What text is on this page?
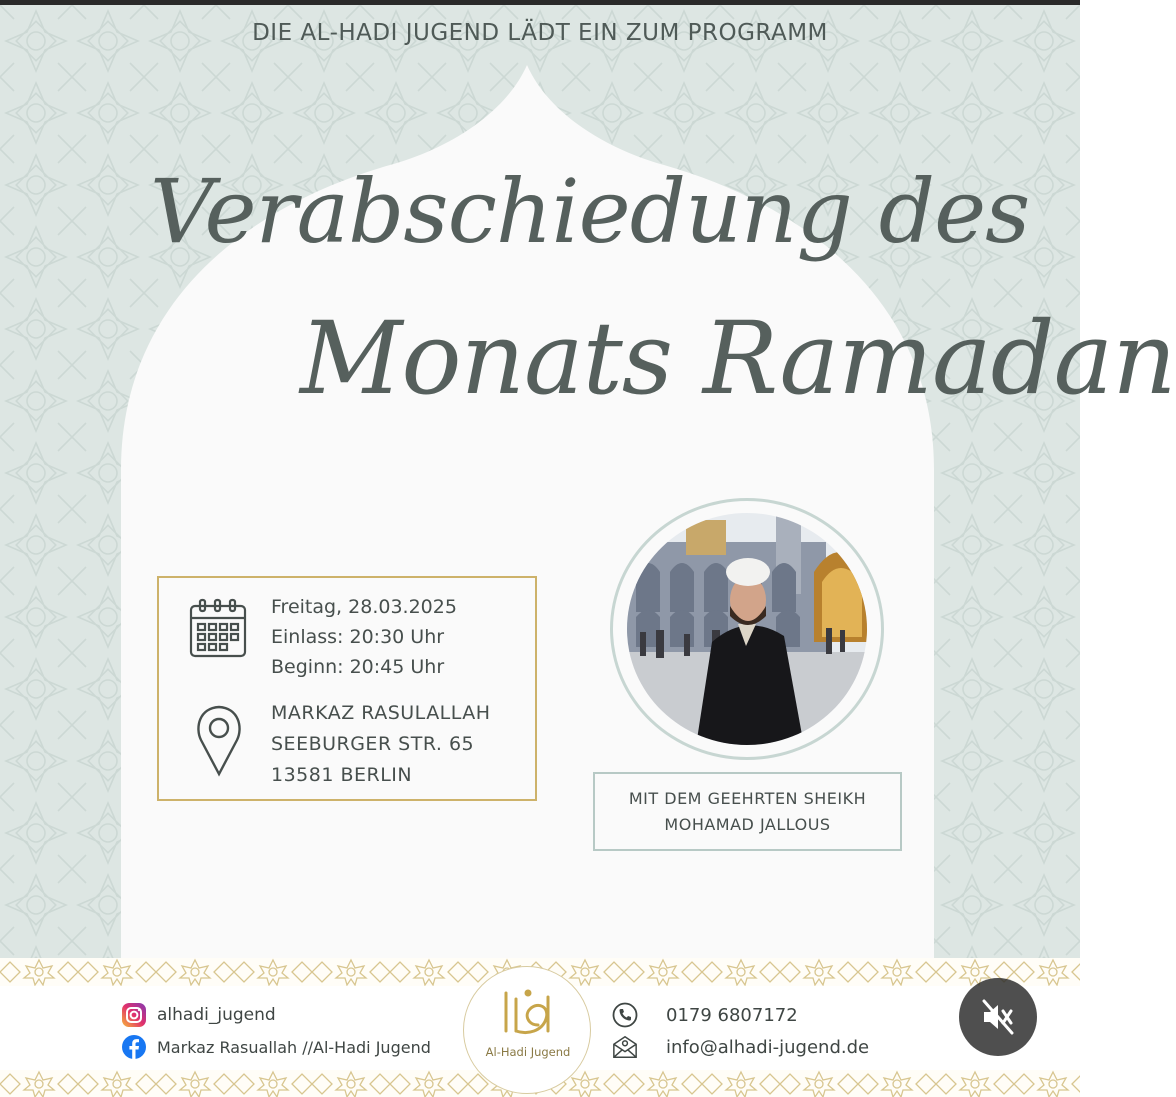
DIE AL-HADI JUGEND LÄDT EIN ZUM PROGRAMM
Verabschiedung des
Monats Ramadan
Freitag, 28.03.2025
Einlass: 20:30 Uhr
Beginn: 20:45 Uhr
MARKAZ RASULALLAH
SEEBURGER STR. 65
13581 BERLIN
MIT DEM GEEHRTEN SHEIKH
MOHAMAD JALLOUS
alhadi_jugend
Markaz Rasuallah //Al-Hadi Jugend	Al-Hadi Jugend
0179 6807172
info@alhadi-jugend.de
